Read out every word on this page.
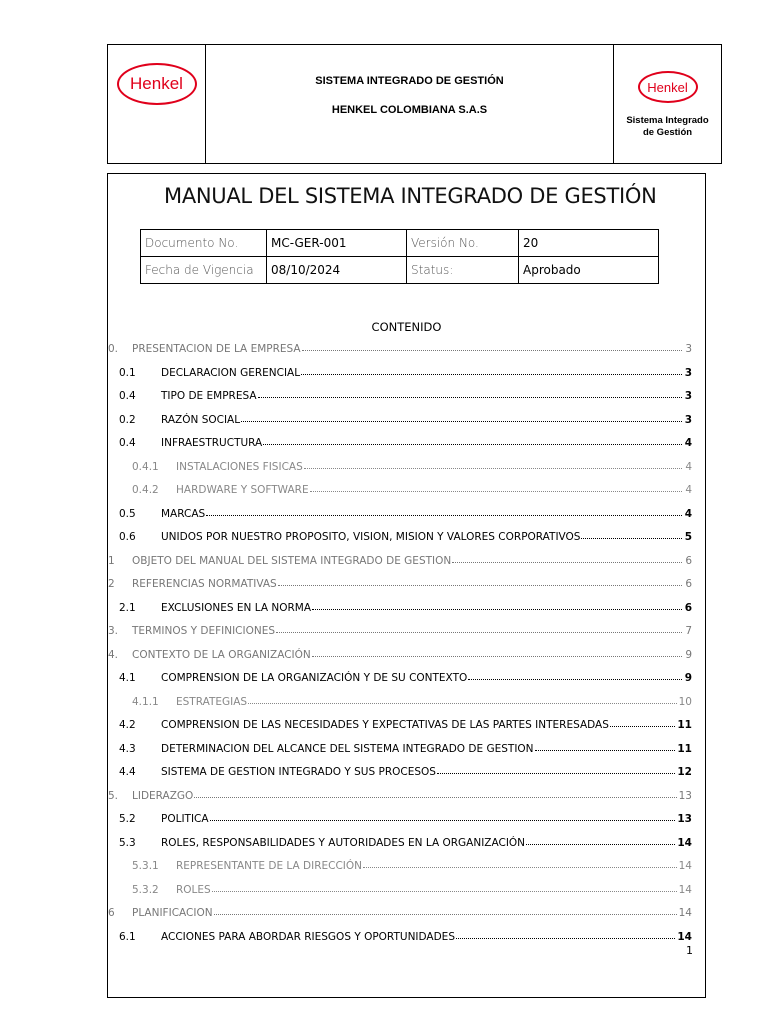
Henkel	SISTEMA INTEGRADO DE GESTIÓN
HENKEL COLOMBIANA S.A.S
Henkel
Sistema Integrado
de Gestión
MANUAL DEL SISTEMA INTEGRADO DE GESTIÓN
Documento No.	MC-GER-001	Versión No.	20
Fecha de Vigencia	08/10/2024	Status:	Aprobado
CONTENIDO
0.	PRESENTACION DE LA EMPRESA	3
0.1	DECLARACION GERENCIAL	3
0.4	TIPO DE EMPRESA	3
0.2	RAZÓN SOCIAL	3
0.4	INFRAESTRUCTURA	4
0.4.1	INSTALACIONES FISICAS	4
0.4.2	HARDWARE Y SOFTWARE	4
0.5	MARCAS	4
0.6	UNIDOS POR NUESTRO PROPOSITO, VISION, MISION Y VALORES CORPORATIVOS	5
1	OBJETO DEL MANUAL DEL SISTEMA INTEGRADO DE GESTION	6
2	REFERENCIAS NORMATIVAS	6
2.1	EXCLUSIONES EN LA NORMA	6
3.	TERMINOS Y DEFINICIONES	7
4.	CONTEXTO DE LA ORGANIZACIÓN	9
4.1	COMPRENSION DE LA ORGANIZACIÓN Y DE SU CONTEXTO	9
4.1.1	ESTRATEGIAS	10
4.2	COMPRENSION DE LAS NECESIDADES Y EXPECTATIVAS DE LAS PARTES INTERESADAS	11
4.3	DETERMINACION DEL ALCANCE DEL SISTEMA INTEGRADO DE GESTION	11
4.4	SISTEMA DE GESTION INTEGRADO Y SUS PROCESOS	12
5.	LIDERAZGO	13
5.2	POLITICA	13
5.3	ROLES, RESPONSABILIDADES Y AUTORIDADES EN LA ORGANIZACIÓN	14
5.3.1	REPRESENTANTE DE LA DIRECCIÓN	14
5.3.2	ROLES	14
6	PLANIFICACION	14
6.1	ACCIONES PARA ABORDAR RIESGOS Y OPORTUNIDADES	14
1
